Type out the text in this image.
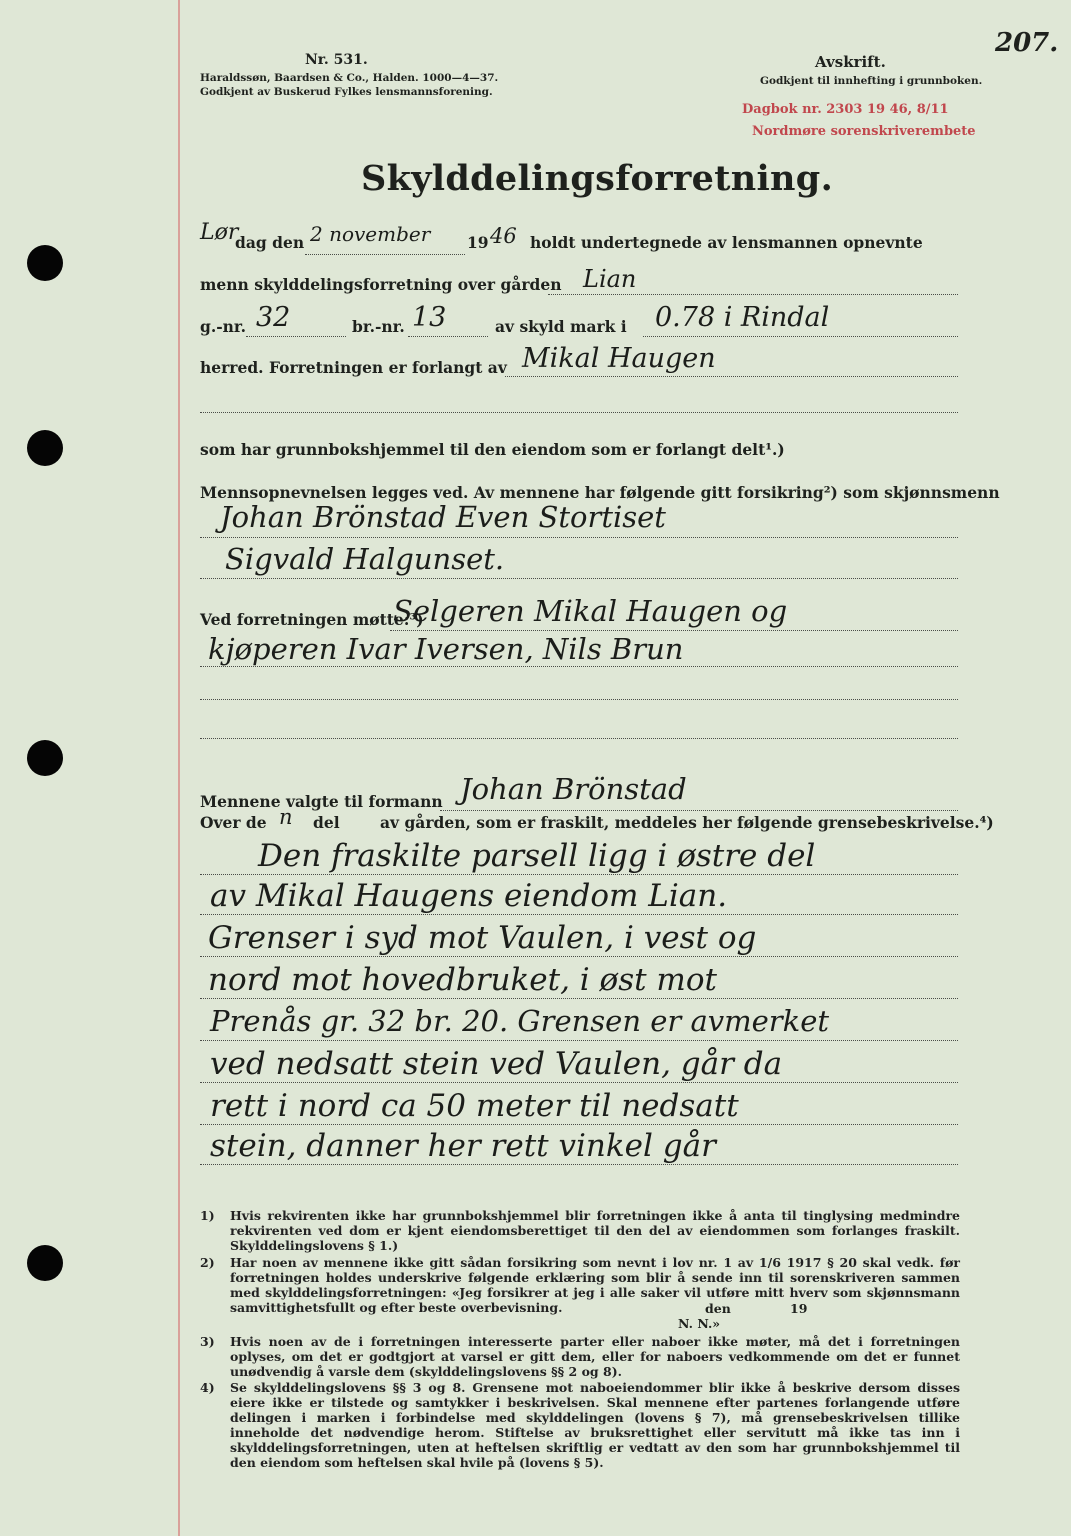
Nr. 531.
Haraldssøn, Baardsen & Co., Halden. 1000—4—37.
Godkjent av Buskerud Fylkes lensmannsforening.
Avskrift.
Godkjent til innhefting i grunnboken.
207.
Dagbok nr. 2303 19 46, 8/11
Nordmøre sorenskriverembete
Skylddelingsforretning.
Lør
dag den 2 november 19 46 holdt undertegnede av lensmannen opnevnte
menn skylddelingsforretning over gården Lian
g.-nr. 32	br.-nr. 13	av skyld mark i 0.78 i Rindal
herred. Forretningen er forlangt av Mikal Haugen
som har grunnbokshjemmel til den eiendom som er forlangt delt¹.)
Mennsopnevnelsen legges ved. Av mennene har følgende gitt forsikring²) som skjønnsmenn
Johan Brönstad Even Stortiset
Sigvald Halgunset.
Ved forretningen møtte:³)
Selgeren Mikal Haugen og
kjøperen Ivar Iversen, Nils Brun
Mennene valgte til formann Johan Brönstad
Over de n del	av gården, som er fraskilt, meddeles her følgende grensebeskrivelse.⁴)
Den fraskilte parsell ligg i østre del
av Mikal Haugens eiendom Lian.
Grenser i syd mot Vaulen, i vest og
nord mot hovedbruket, i øst mot
Prenås gr. 32 br. 20. Grensen er avmerket
ved nedsatt stein ved Vaulen, går da
rett i nord ca 50 meter til nedsatt
stein, danner her rett vinkel går
1) Hvis rekvirenten ikke har grunnbokshjemmel blir forretningen ikke å anta til tinglysing medmindre rekvirenten ved dom er kjent eiendomsberettiget til den del av eiendommen som forlanges fraskilt. Skylddelingslovens § 1.)
2) Har noen av mennene ikke gitt sådan forsikring som nevnt i lov nr. 1 av 1/6 1917 § 20 skal vedk. før forretningen holdes underskrive følgende erklæring som blir å sende inn til sorenskriveren sammen med skylddelingsforretningen: «Jeg forsikrer at jeg i alle saker vil utføre mitt hverv som skjønnsmann samvittighetsfullt og efter beste overbevisning.	den	19
N. N.»
3) Hvis noen av de i forretningen interesserte parter eller naboer ikke møter, må det i forretningen oplyses, om det er godtgjort at varsel er gitt dem, eller for naboers vedkommende om det er funnet unødvendig å varsle dem (skylddelingslovens §§ 2 og 8).
4) Se skylddelingslovens §§ 3 og 8. Grensene mot naboeiendommer blir ikke å beskrive dersom disses eiere ikke er tilstede og samtykker i beskrivelsen. Skal mennene efter partenes forlangende utføre delingen i marken i forbindelse med skylddelingen (lovens § 7), må grensebeskrivelsen tillike inneholde det nødvendige herom. Stiftelse av bruksrettighet eller servitutt må ikke tas inn i skylddelingsforretningen, uten at heftelsen skriftlig er vedtatt av den som har grunnbokshjemmel til den eiendom som heftelsen skal hvile på (lovens § 5).
